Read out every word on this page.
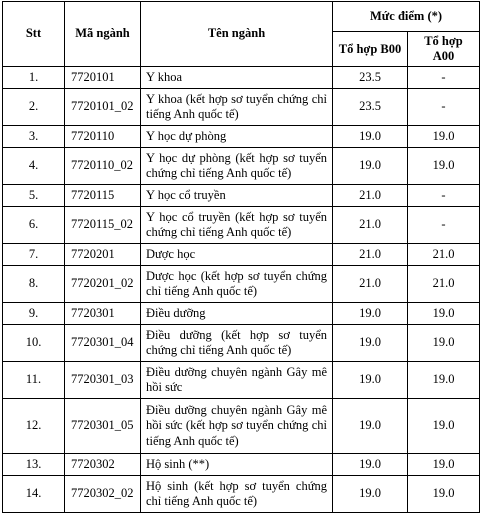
Stt	Mã ngành	Tên ngành	Mức điểm (*)	
			Tổ hợp B00	Tổ hợp A00
1.	7720101	Y khoa	23.5	-
2.	7720101_02	Y khoa (kết hợp sơ tuyển chứng chỉ tiếng Anh quốc tế)	23.5	-
3.	7720110	Y học dự phòng	19.0	19.0
4.	7720110_02	Y học dự phòng (kết hợp sơ tuyển chứng chỉ tiếng Anh quốc tế)	19.0	19.0
5.	7720115	Y học cổ truyền	21.0	-
6.	7720115_02	Y học cổ truyền (kết hợp sơ tuyển chứng chỉ tiếng Anh quốc tế)	21.0	-
7.	7720201	Dược học	21.0	21.0
8.	7720201_02	Dược học (kết hợp sơ tuyển chứng chỉ tiếng Anh quốc tế)	21.0	21.0
9.	7720301	Điều dưỡng	19.0	19.0
10.	7720301_04	Điều dưỡng (kết hợp sơ tuyển chứng chỉ tiếng Anh quốc tế)	19.0	19.0
11.	7720301_03	Điều dưỡng chuyên ngành Gây mê hồi sức	19.0	19.0
12.	7720301_05	Điều dưỡng chuyên ngành Gây mê hồi sức (kết hợp sơ tuyển chứng chỉ tiếng Anh quốc tế)	19.0	19.0
13.	7720302	Hộ sinh (**)	19.0	19.0
14.	7720302_02	Hộ sinh (kết hợp sơ tuyển chứng chỉ tiếng Anh quốc tế)	19.0	19.0
